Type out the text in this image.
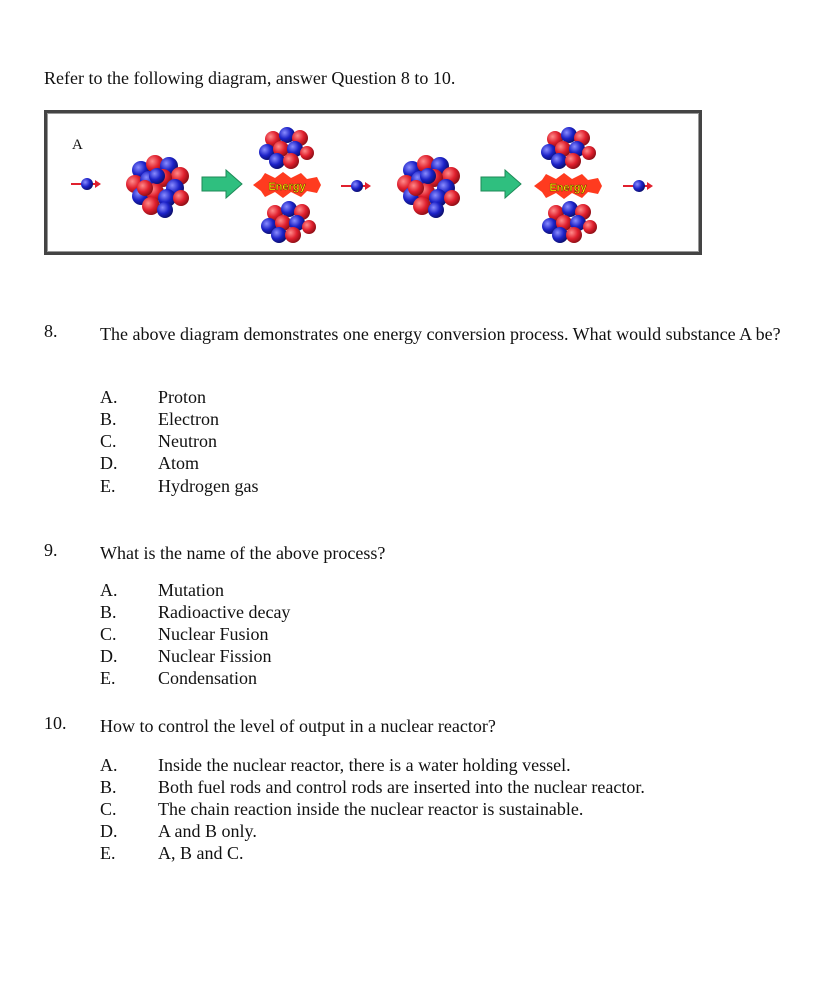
Refer to the following diagram, answer Question 8 to 10.
A
Energy	Energy
8. The above diagram demonstrates one energy conversion process. What would substance A be?
A. Proton
B. Electron
C. Neutron
D. Atom
E. Hydrogen gas
9. What is the name of the above process?
A. Mutation
B. Radioactive decay
C. Nuclear Fusion
D. Nuclear Fission
E. Condensation
10. How to control the level of output in a nuclear reactor?
A. Inside the nuclear reactor, there is a water holding vessel.
B. Both fuel rods and control rods are inserted into the nuclear reactor.
C. The chain reaction inside the nuclear reactor is sustainable.
D. A and B only.
E. A, B and C.
